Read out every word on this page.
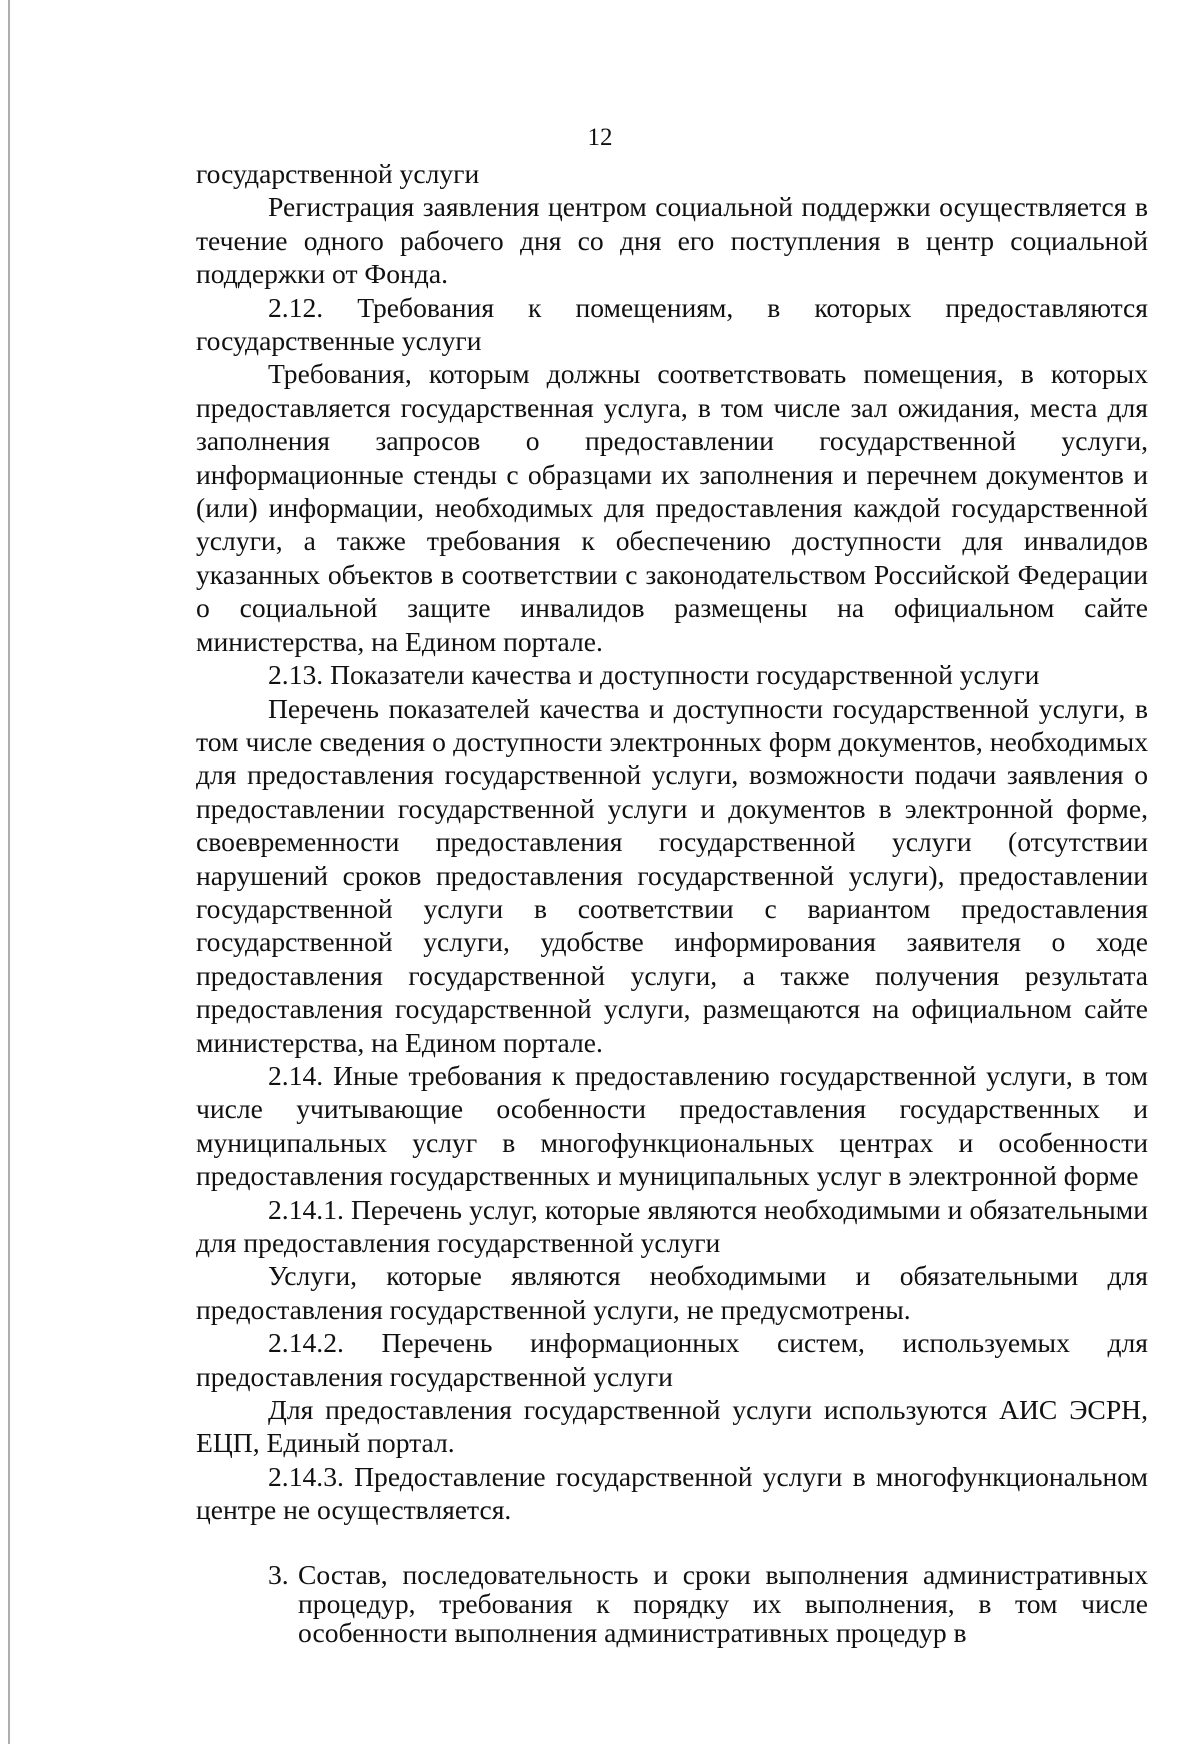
12

государственной услуги

Регистрация заявления центром социальной поддержки осуществляется в течение одного рабочего дня со дня его поступления в центр социальной поддержки от Фонда.

2.12. Требования к помещениям, в которых предоставляются государственные услуги

Требования, которым должны соответствовать помещения, в которых предоставляется государственная услуга, в том числе зал ожидания, места для заполнения запросов о предоставлении государственной услуги, информационные стенды с образцами их заполнения и перечнем документов и (или) информации, необходимых для предоставления каждой государственной услуги, а также требования к обеспечению доступности для инвалидов указанных объектов в соответствии с законодательством Российской Федерации о социальной защите инвалидов размещены на официальном сайте министерства, на Едином портале.

2.13. Показатели качества и доступности государственной услуги

Перечень показателей качества и доступности государственной услуги, в том числе сведения о доступности электронных форм документов, необходимых для предоставления государственной услуги, возможности подачи заявления о предоставлении государственной услуги и документов в электронной форме, своевременности предоставления государственной услуги (отсутствии нарушений сроков предоставления государственной услуги), предоставлении государственной услуги в соответствии с вариантом предоставления государственной услуги, удобстве информирования заявителя о ходе предоставления государственной услуги, а также получения результата предоставления государственной услуги, размещаются на официальном сайте министерства, на Едином портале.

2.14. Иные требования к предоставлению государственной услуги, в том числе учитывающие особенности предоставления государственных и муниципальных услуг в многофункциональных центрах и особенности предоставления государственных и муниципальных услуг в электронной форме

2.14.1. Перечень услуг, которые являются необходимыми и обязательными для предоставления государственной услуги

Услуги, которые являются необходимыми и обязательными для предоставления государственной услуги, не предусмотрены.

2.14.2. Перечень информационных систем, используемых для предоставления государственной услуги

Для предоставления государственной услуги используются АИС ЭСРН, ЕЦП, Единый портал.

2.14.3. Предоставление государственной услуги в многофункциональном центре не осуществляется.

3. Состав, последовательность и сроки выполнения административных процедур, требования к порядку их выполнения, в том числе особенности выполнения административных процедур в
